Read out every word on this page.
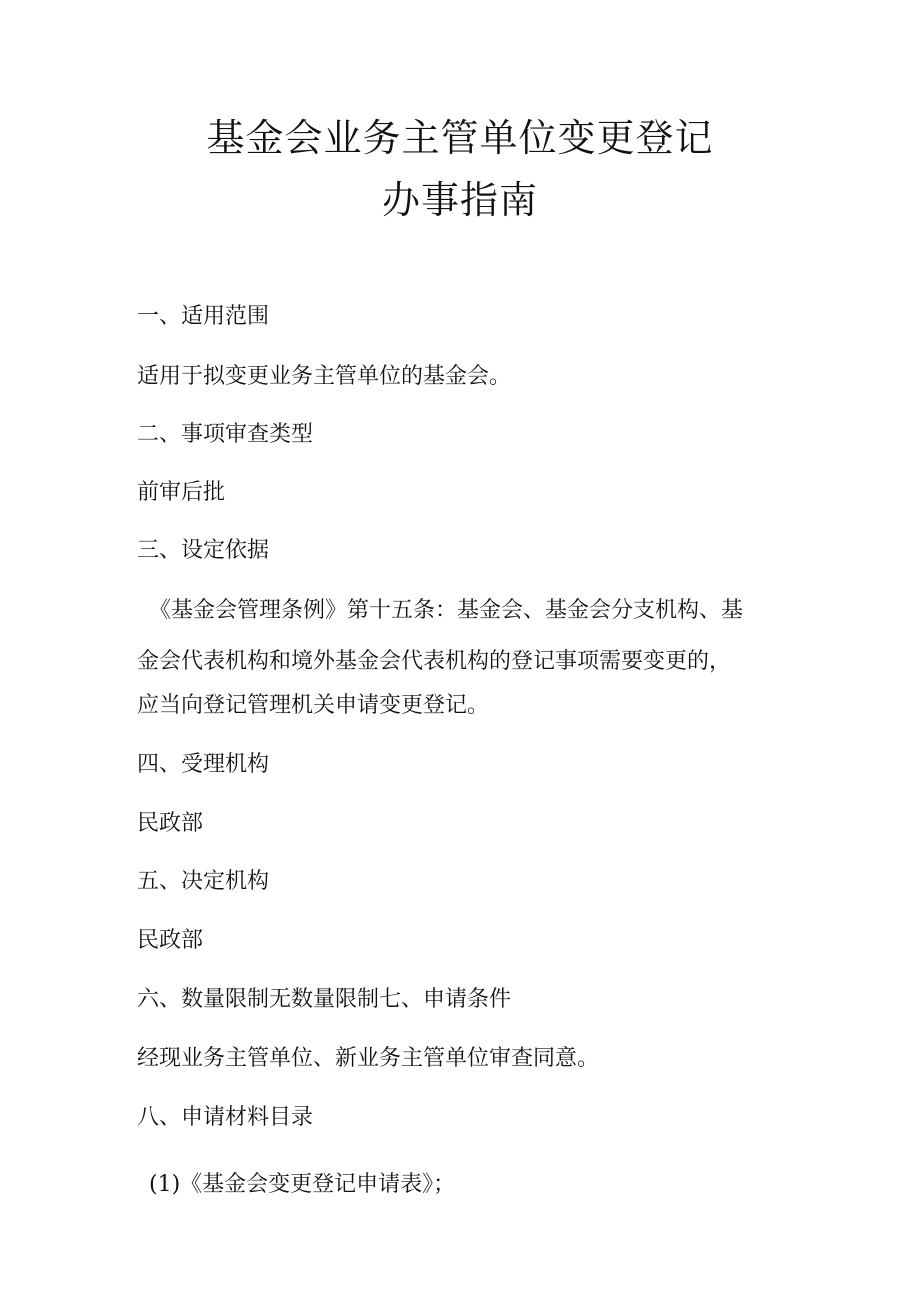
基金会业务主管单位变更登记
办事指南
一、适用范围
适用于拟变更业务主管单位的基金会。
二、事项审查类型
前审后批
三、设定依据
《基金会管理条例》第十五条：基金会、基金会分支机构、基
金会代表机构和境外基金会代表机构的登记事项需要变更的，
应当向登记管理机关申请变更登记。
四、受理机构
民政部
五、决定机构
民政部
六、数量限制无数量限制七、申请条件
经现业务主管单位、新业务主管单位审查同意。
八、申请材料目录
(1)《基金会变更登记申请表》；
